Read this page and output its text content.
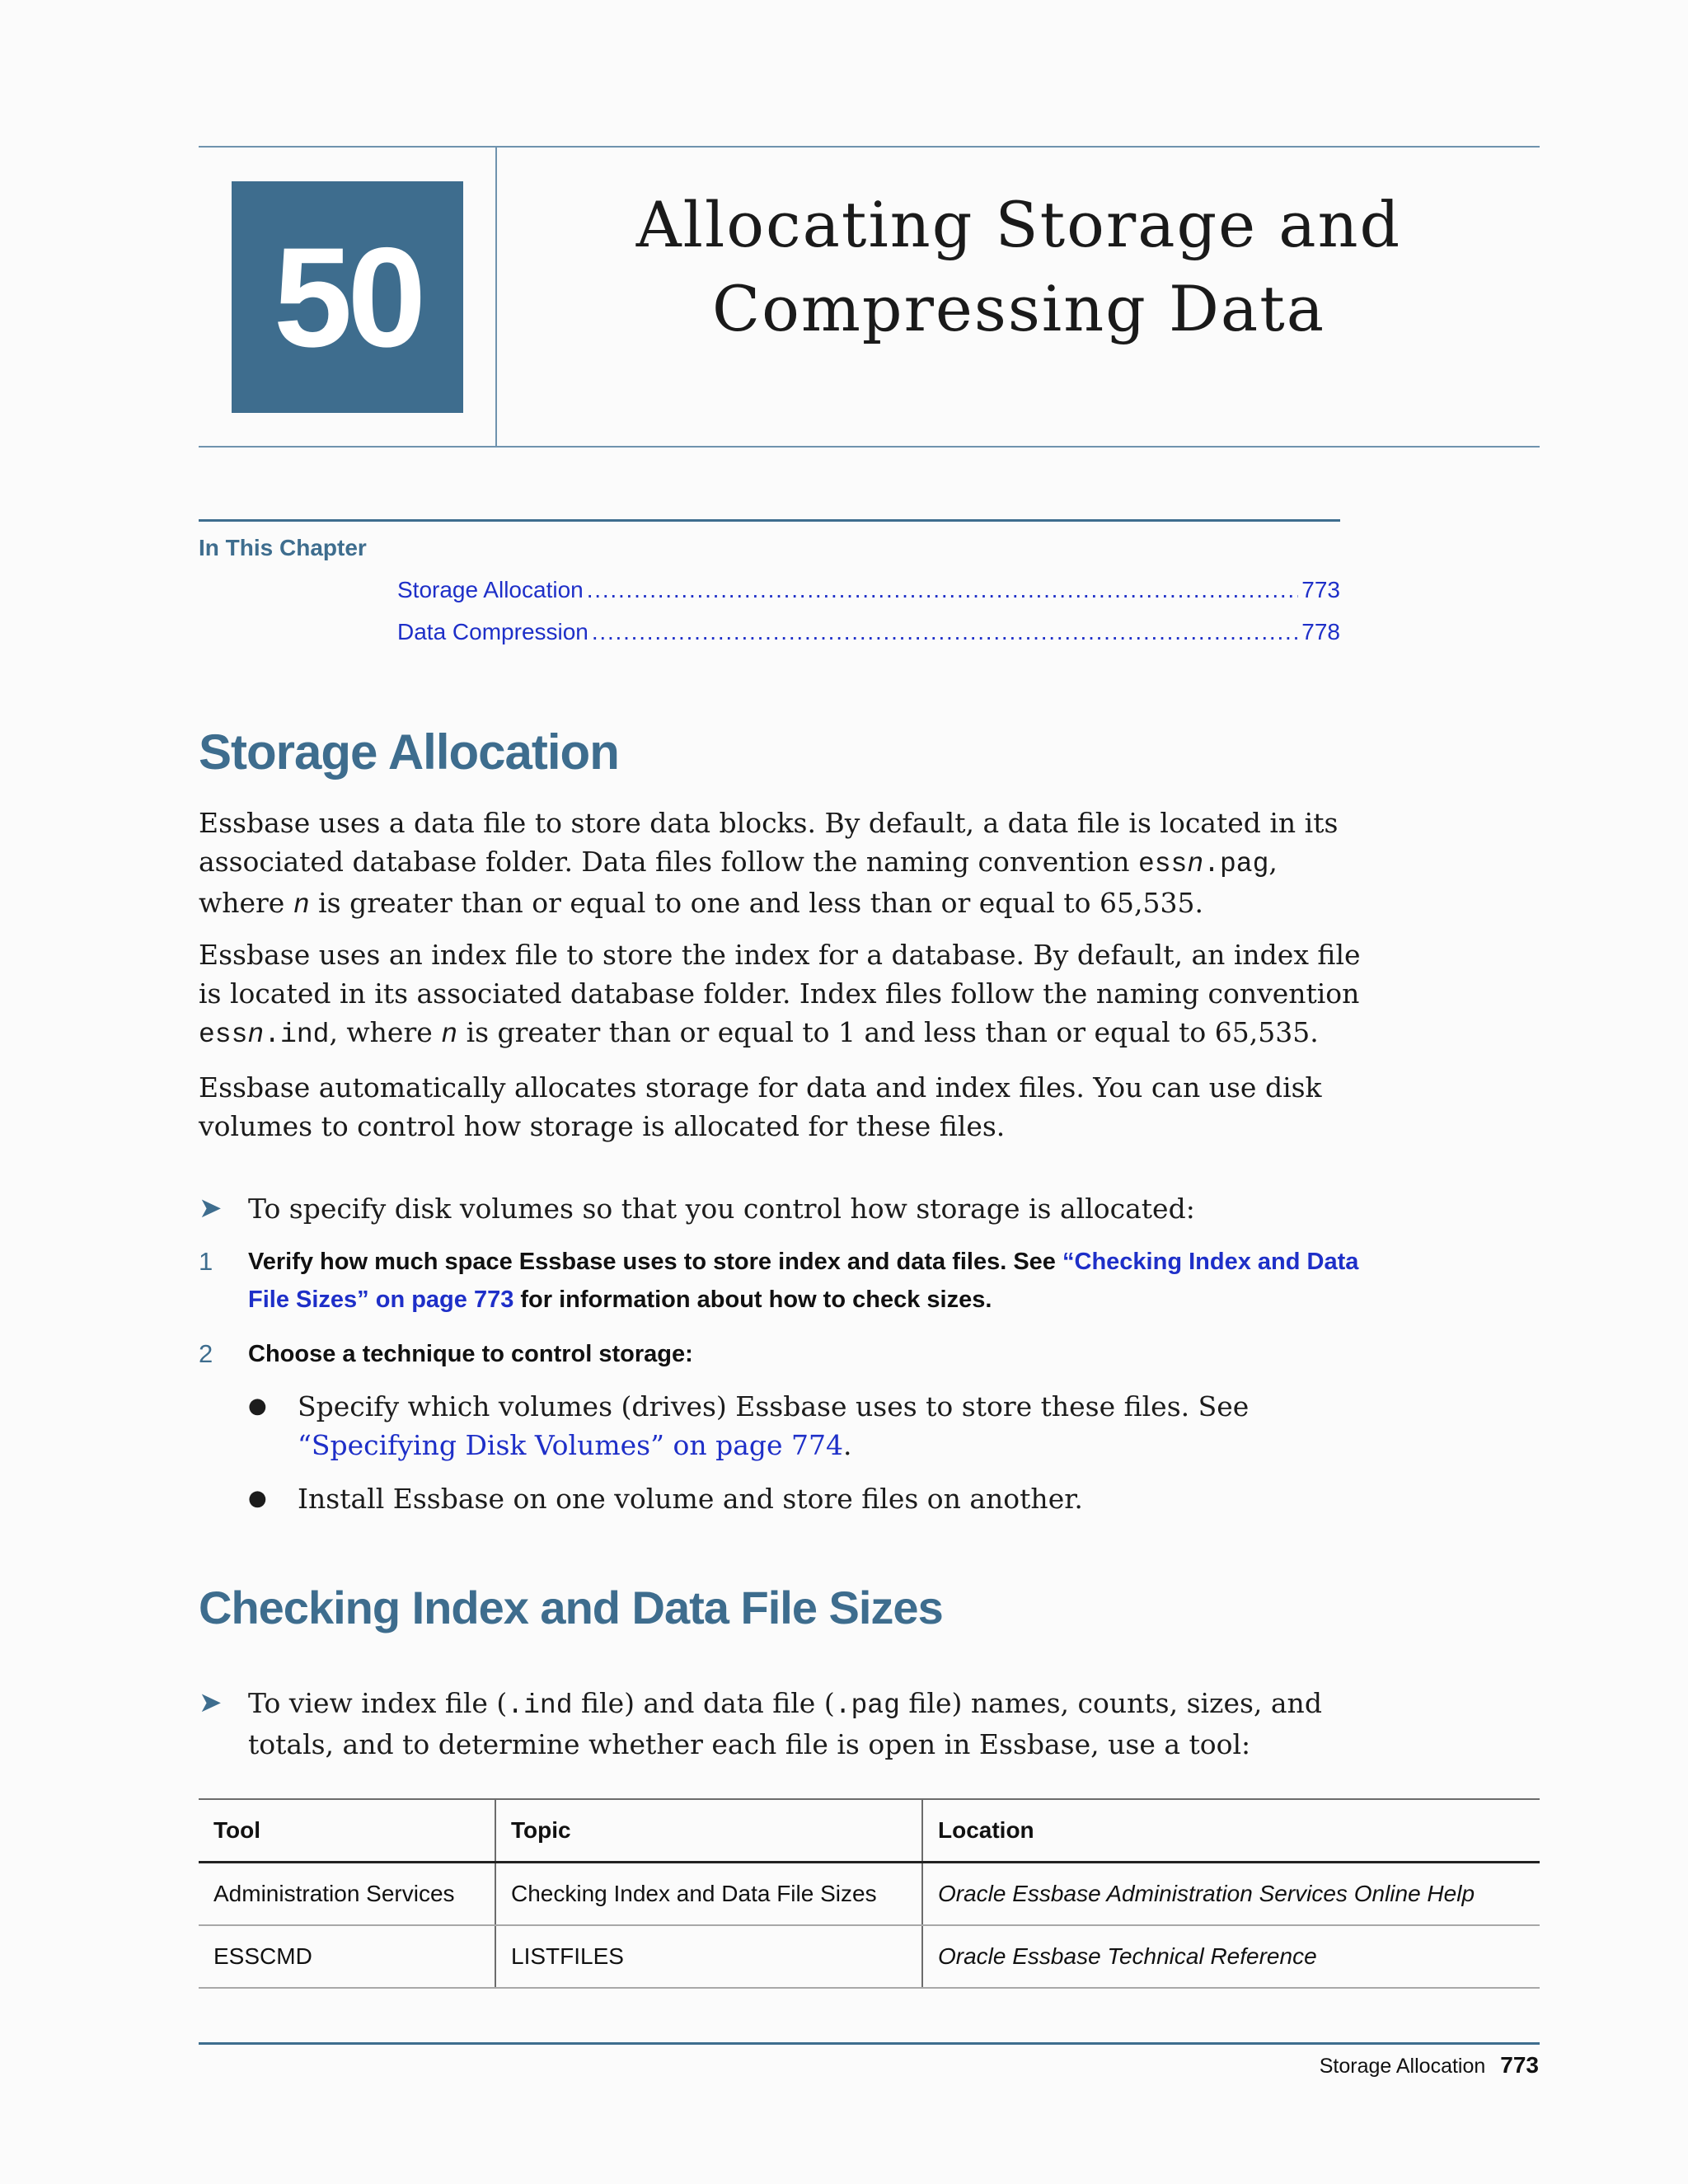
50	Allocating Storage and
Compressing Data
In This Chapter
Storage Allocation . . .	773
Data Compression . . .	778
Storage Allocation
Essbase uses a data file to store data blocks. By default, a data file is located in its associated database folder. Data files follow the naming convention essn.pag, where n is greater than or equal to one and less than or equal to 65,535.
Essbase uses an index file to store the index for a database. By default, an index file is located in its associated database folder. Index files follow the naming convention essn.ind, where n is greater than or equal to 1 and less than or equal to 65,535.
Essbase automatically allocates storage for data and index files. You can use disk volumes to control how storage is allocated for these files.
➤ To specify disk volumes so that you control how storage is allocated:
1	Verify how much space Essbase uses to store index and data files. See “Checking Index and Data File Sizes” on page 773 for information about how to check sizes.
2	Choose a technique to control storage:
●	Specify which volumes (drives) Essbase uses to store these files. See “Specifying Disk Volumes” on page 774.
●	Install Essbase on one volume and store files on another.
Checking Index and Data File Sizes
➤ To view index file (.ind file) and data file (.pag file) names, counts, sizes, and totals, and to determine whether each file is open in Essbase, use a tool:
Tool	Topic	Location
Administration Services	Checking Index and Data File Sizes	Oracle Essbase Administration Services Online Help
ESSCMD	LISTFILES	Oracle Essbase Technical Reference
Storage Allocation 773
